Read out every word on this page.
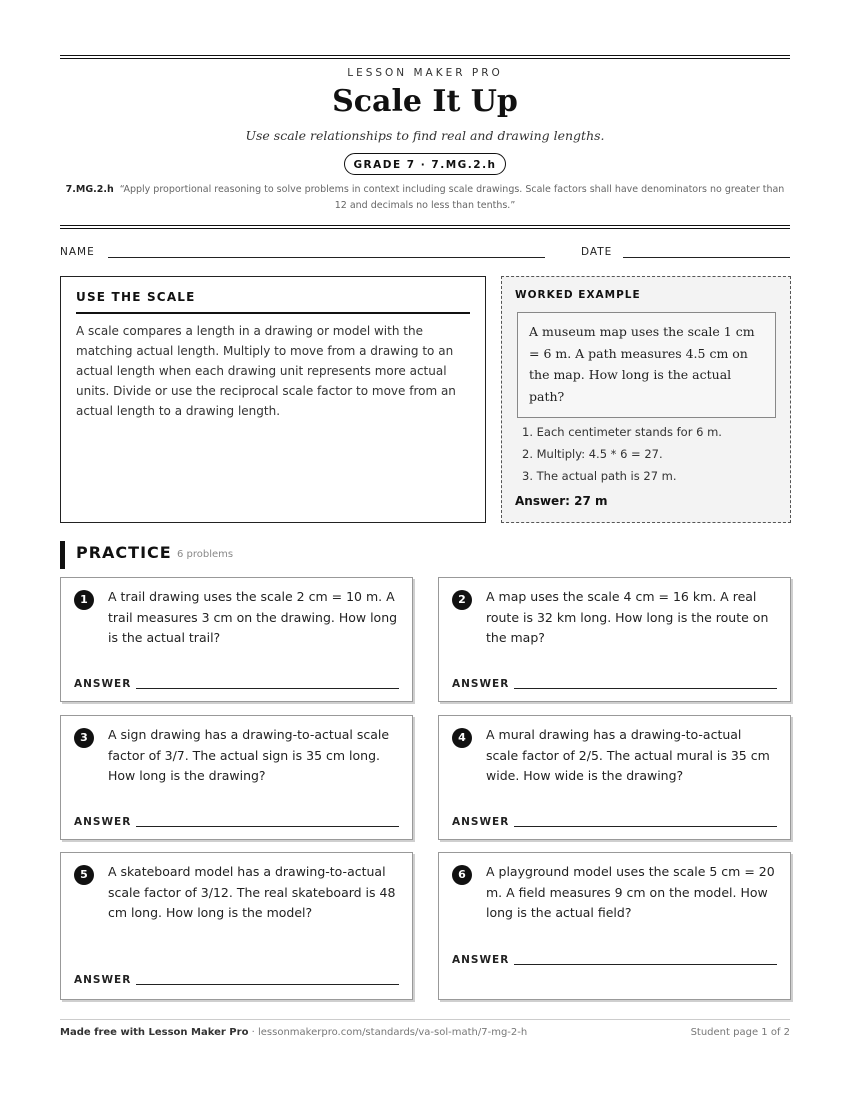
LESSON MAKER PRO
Scale It Up
Use scale relationships to find real and drawing lengths.
GRADE 7 · 7.MG.2.h
7.MG.2.h “Apply proportional reasoning to solve problems in context including scale drawings. Scale factors shall have denominators no greater than 12 and decimals no less than tenths.”
NAME	DATE
USE THE SCALE
A scale compares a length in a drawing or model with the matching actual length. Multiply to move from a drawing to an actual length when each drawing unit represents more actual units. Divide or use the reciprocal scale factor to move from an actual length to a drawing length.
WORKED EXAMPLE
A museum map uses the scale 1 cm = 6 m. A path measures 4.5 cm on the map. How long is the actual path?
1. Each centimeter stands for 6 m.
2. Multiply: 4.5 * 6 = 27.
3. The actual path is 27 m.
Answer: 27 m
PRACTICE 6 problems
1	A trail drawing uses the scale 2 cm = 10 m. A trail measures 3 cm on the drawing. How long is the actual trail?
ANSWER
2	A map uses the scale 4 cm = 16 km. A real route is 32 km long. How long is the route on the map?
ANSWER
3	A sign drawing has a drawing-to-actual scale factor of 3/7. The actual sign is 35 cm long. How long is the drawing?
ANSWER
4	A mural drawing has a drawing-to-actual scale factor of 2/5. The actual mural is 35 cm wide. How wide is the drawing?
ANSWER
5	A skateboard model has a drawing-to-actual scale factor of 3/12. The real skateboard is 48 cm long. How long is the model?
ANSWER
6	A playground model uses the scale 5 cm = 20 m. A field measures 9 cm on the model. How long is the actual field?
ANSWER
Made free with Lesson Maker Pro · lessonmakerpro.com/standards/va-sol-math/7-mg-2-h	Student page 1 of 2
